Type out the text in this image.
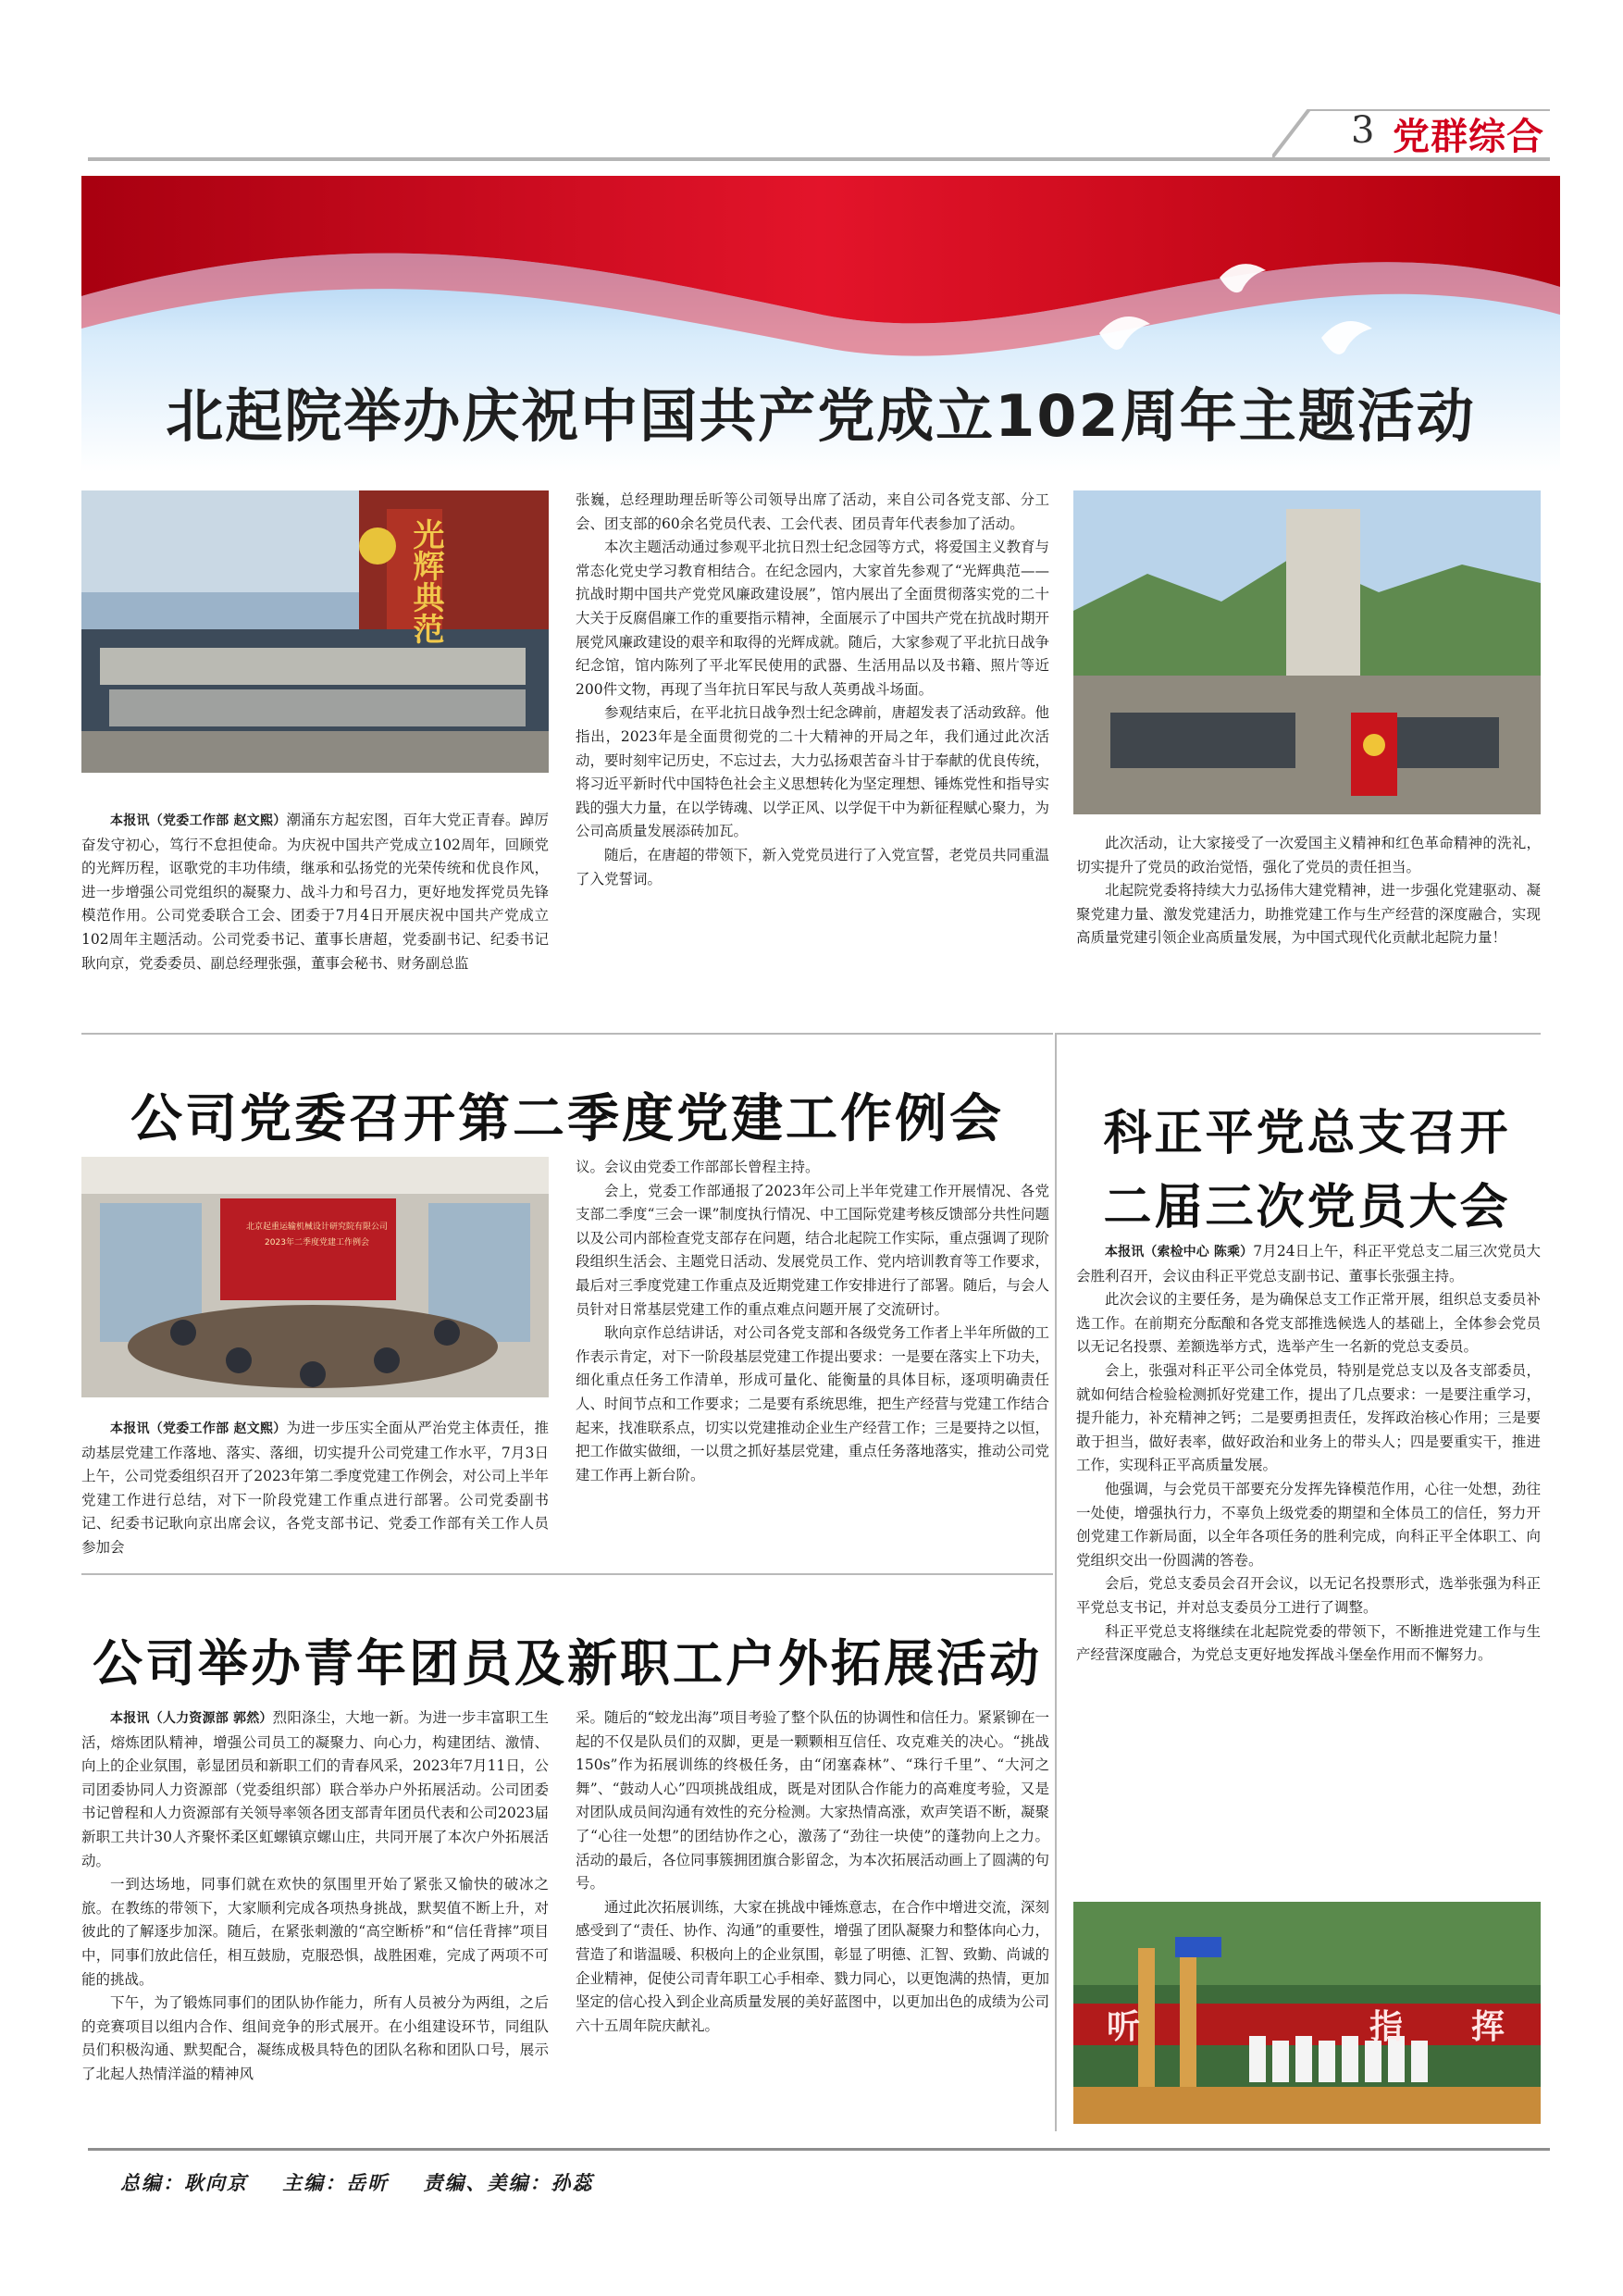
3 党群综合
北起院举办庆祝中国共产党成立102周年主题活动
光辉典范

本报讯（党委工作部 赵文熙）潮涌东方起宏图，百年大党正青春。踔厉奋发守初心，笃行不怠担使命。为庆祝中国共产党成立102周年，回顾党的光辉历程，讴歌党的丰功伟绩，继承和弘扬党的光荣传统和优良作风，进一步增强公司党组织的凝聚力、战斗力和号召力，更好地发挥党员先锋模范作用。公司党委联合工会、团委于7月4日开展庆祝中国共产党成立102周年主题活动。公司党委书记、董事长唐超，党委副书记、纪委书记耿向京，党委委员、副总经理张强，董事会秘书、财务副总监

张巍，总经理助理岳昕等公司领导出席了活动，来自公司各党支部、分工会、团支部的60余名党员代表、工会代表、团员青年代表参加了活动。

本次主题活动通过参观平北抗日烈士纪念园等方式，将爱国主义教育与常态化党史学习教育相结合。在纪念园内，大家首先参观了“光辉典范——抗战时期中国共产党党风廉政建设展”，馆内展出了全面贯彻落实党的二十大关于反腐倡廉工作的重要指示精神，全面展示了中国共产党在抗战时期开展党风廉政建设的艰辛和取得的光辉成就。随后，大家参观了平北抗日战争纪念馆，馆内陈列了平北军民使用的武器、生活用品以及书籍、照片等近200件文物，再现了当年抗日军民与敌人英勇战斗场面。

参观结束后，在平北抗日战争烈士纪念碑前，唐超发表了活动致辞。他指出，2023年是全面贯彻党的二十大精神的开局之年，我们通过此次活动，要时刻牢记历史，不忘过去，大力弘扬艰苦奋斗甘于奉献的优良传统，将习近平新时代中国特色社会主义思想转化为坚定理想、锤炼党性和指导实践的强大力量，在以学铸魂、以学正风、以学促干中为新征程赋心聚力，为公司高质量发展添砖加瓦。

随后，在唐超的带领下，新入党党员进行了入党宣誓，老党员共同重温了入党誓词。

此次活动，让大家接受了一次爱国主义精神和红色革命精神的洗礼，切实提升了党员的政治觉悟，强化了党员的责任担当。

北起院党委将持续大力弘扬伟大建党精神，进一步强化党建驱动、凝聚党建力量、激发党建活力，助推党建工作与生产经营的深度融合，实现高质量党建引领企业高质量发展，为中国式现代化贡献北起院力量！

公司党委召开第二季度党建工作例会
北京起重运输机械设计研究院有限公司
2023年二季度党建工作例会

本报讯（党委工作部 赵文熙）为进一步压实全面从严治党主体责任，推动基层党建工作落地、落实、落细，切实提升公司党建工作水平，7月3日上午，公司党委组织召开了2023年第二季度党建工作例会，对公司上半年党建工作进行总结，对下一阶段党建工作重点进行部署。公司党委副书记、纪委书记耿向京出席会议，各党支部书记、党委工作部有关工作人员参加会

议。会议由党委工作部部长曾程主持。

会上，党委工作部通报了2023年公司上半年党建工作开展情况、各党支部二季度“三会一课”制度执行情况、中工国际党建考核反馈部分共性问题以及公司内部检查党支部存在问题，结合北起院工作实际，重点强调了现阶段组织生活会、主题党日活动、发展党员工作、党内培训教育等工作要求，最后对三季度党建工作重点及近期党建工作安排进行了部署。随后，与会人员针对日常基层党建工作的重点难点问题开展了交流研讨。

耿向京作总结讲话，对公司各党支部和各级党务工作者上半年所做的工作表示肯定，对下一阶段基层党建工作提出要求：一是要在落实上下功夫，细化重点任务工作清单，形成可量化、能衡量的具体目标，逐项明确责任人、时间节点和工作要求；二是要有系统思维，把生产经营与党建工作结合起来，找准联系点，切实以党建推动企业生产经营工作；三是要持之以恒，把工作做实做细，一以贯之抓好基层党建，重点任务落地落实，推动公司党建工作再上新台阶。

科正平党总支召开
二届三次党员大会

本报讯（索检中心 陈乘）7月24日上午，科正平党总支二届三次党员大会胜利召开，会议由科正平党总支副书记、董事长张强主持。

此次会议的主要任务，是为确保总支工作正常开展，组织总支委员补选工作。在前期充分酝酿和各党支部推选候选人的基础上，全体参会党员以无记名投票、差额选举方式，选举产生一名新的党总支委员。

会上，张强对科正平公司全体党员，特别是党总支以及各支部委员，就如何结合检验检测抓好党建工作，提出了几点要求：一是要注重学习，提升能力，补充精神之钙；二是要勇担责任，发挥政治核心作用；三是要敢于担当，做好表率，做好政治和业务上的带头人；四是要重实干，推进工作，实现科正平高质量发展。

他强调，与会党员干部要充分发挥先锋模范作用，心往一处想，劲往一处使，增强执行力，不辜负上级党委的期望和全体员工的信任，努力开创党建工作新局面，以全年各项任务的胜利完成，向科正平全体职工、向党组织交出一份圆满的答卷。

会后，党总支委员会召开会议，以无记名投票形式，选举张强为科正平党总支书记，并对总支委员分工进行了调整。

科正平党总支将继续在北起院党委的带领下，不断推进党建工作与生产经营深度融合，为党总支更好地发挥战斗堡垒作用而不懈努力。

公司举办青年团员及新职工户外拓展活动

本报讯（人力资源部 郭然）烈阳涤尘，大地一新。为进一步丰富职工生活，熔炼团队精神，增强公司员工的凝聚力、向心力，构建团结、激情、向上的企业氛围，彰显团员和新职工们的青春风采，2023年7月11日，公司团委协同人力资源部（党委组织部）联合举办户外拓展活动。公司团委书记曾程和人力资源部有关领导率领各团支部青年团员代表和公司2023届新职工共计30人齐聚怀柔区虹螺镇京螺山庄，共同开展了本次户外拓展活动。

一到达场地，同事们就在欢快的氛围里开始了紧张又愉快的破冰之旅。在教练的带领下，大家顺利完成各项热身挑战，默契值不断上升，对彼此的了解逐步加深。随后，在紧张刺激的“高空断桥”和“信任背摔”项目中，同事们放此信任，相互鼓励，克服恐惧，战胜困难，完成了两项不可能的挑战。

下午，为了锻炼同事们的团队协作能力，所有人员被分为两组，之后的竞赛项目以组内合作、组间竞争的形式展开。在小组建设环节，同组队员们积极沟通、默契配合，凝练成极具特色的团队名称和团队口号，展示了北起人热情洋溢的精神风

采。随后的“蛟龙出海”项目考验了整个队伍的协调性和信任力。紧紧铆在一起的不仅是队员们的双脚，更是一颗颗相互信任、攻克难关的决心。“挑战150s”作为拓展训练的终极任务，由“闭塞森林”、“珠行千里”、“大河之舞”、“鼓动人心”四项挑战组成，既是对团队合作能力的高难度考验，又是对团队成员间沟通有效性的充分检测。大家热情高涨，欢声笑语不断，凝聚了“心往一处想”的团结协作之心，激荡了“劲往一块使”的蓬勃向上之力。活动的最后，各位同事簇拥团旗合影留念，为本次拓展活动画上了圆满的句号。

通过此次拓展训练，大家在挑战中锤炼意志，在合作中增进交流，深刻感受到了“责任、协作、沟通”的重要性，增强了团队凝聚力和整体向心力，营造了和谐温暖、积极向上的企业氛围，彰显了明德、汇智、致勤、尚诚的企业精神，促使公司青年职工心手相牵、戮力同心，以更饱满的热情，更加坚定的信心投入到企业高质量发展的美好蓝图中，以更加出色的成绩为公司六十五周年院庆献礼。	听	指 挥
总编：耿向京    主编：岳昕    责编、美编：孙蕊
